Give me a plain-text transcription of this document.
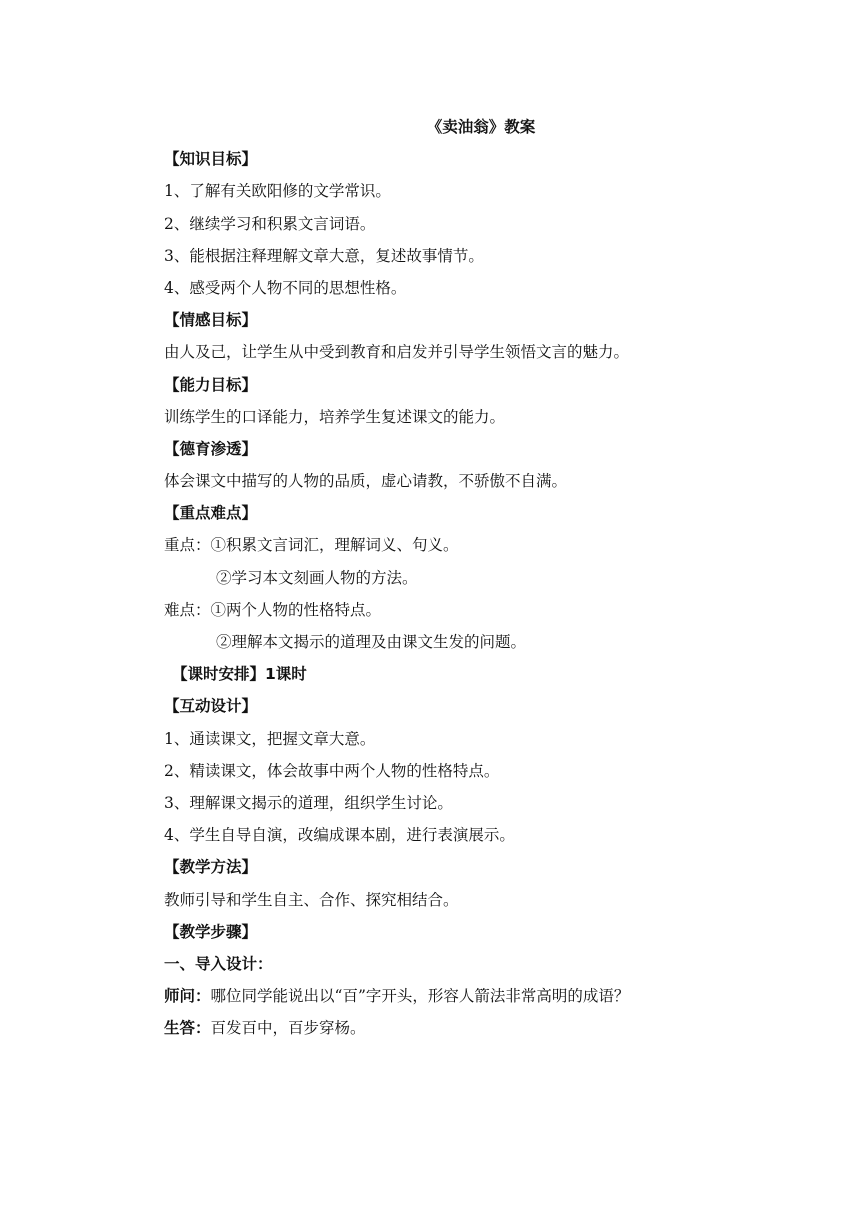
《卖油翁》教案
【知识目标】
1、了解有关欧阳修的文学常识。
2、继续学习和积累文言词语。
3、能根据注释理解文章大意，复述故事情节。
4、感受两个人物不同的思想性格。
【情感目标】
由人及己，让学生从中受到教育和启发并引导学生领悟文言的魅力。
【能力目标】
训练学生的口译能力，培养学生复述课文的能力。
【德育渗透】
体会课文中描写的人物的品质，虚心请教，不骄傲不自满。
【重点难点】
重点：①积累文言词汇，理解词义、句义。
②学习本文刻画人物的方法。
难点：①两个人物的性格特点。
②理解本文揭示的道理及由课文生发的问题。
【课时安排】1课时
【互动设计】
1、通读课文，把握文章大意。
2、精读课文，体会故事中两个人物的性格特点。
3、理解课文揭示的道理，组织学生讨论。
4、学生自导自演，改编成课本剧，进行表演展示。
【教学方法】
教师引导和学生自主、合作、探究相结合。
【教学步骤】
一、导入设计：
师问：哪位同学能说出以“百”字开头，形容人箭法非常高明的成语？
生答：百发百中，百步穿杨。
